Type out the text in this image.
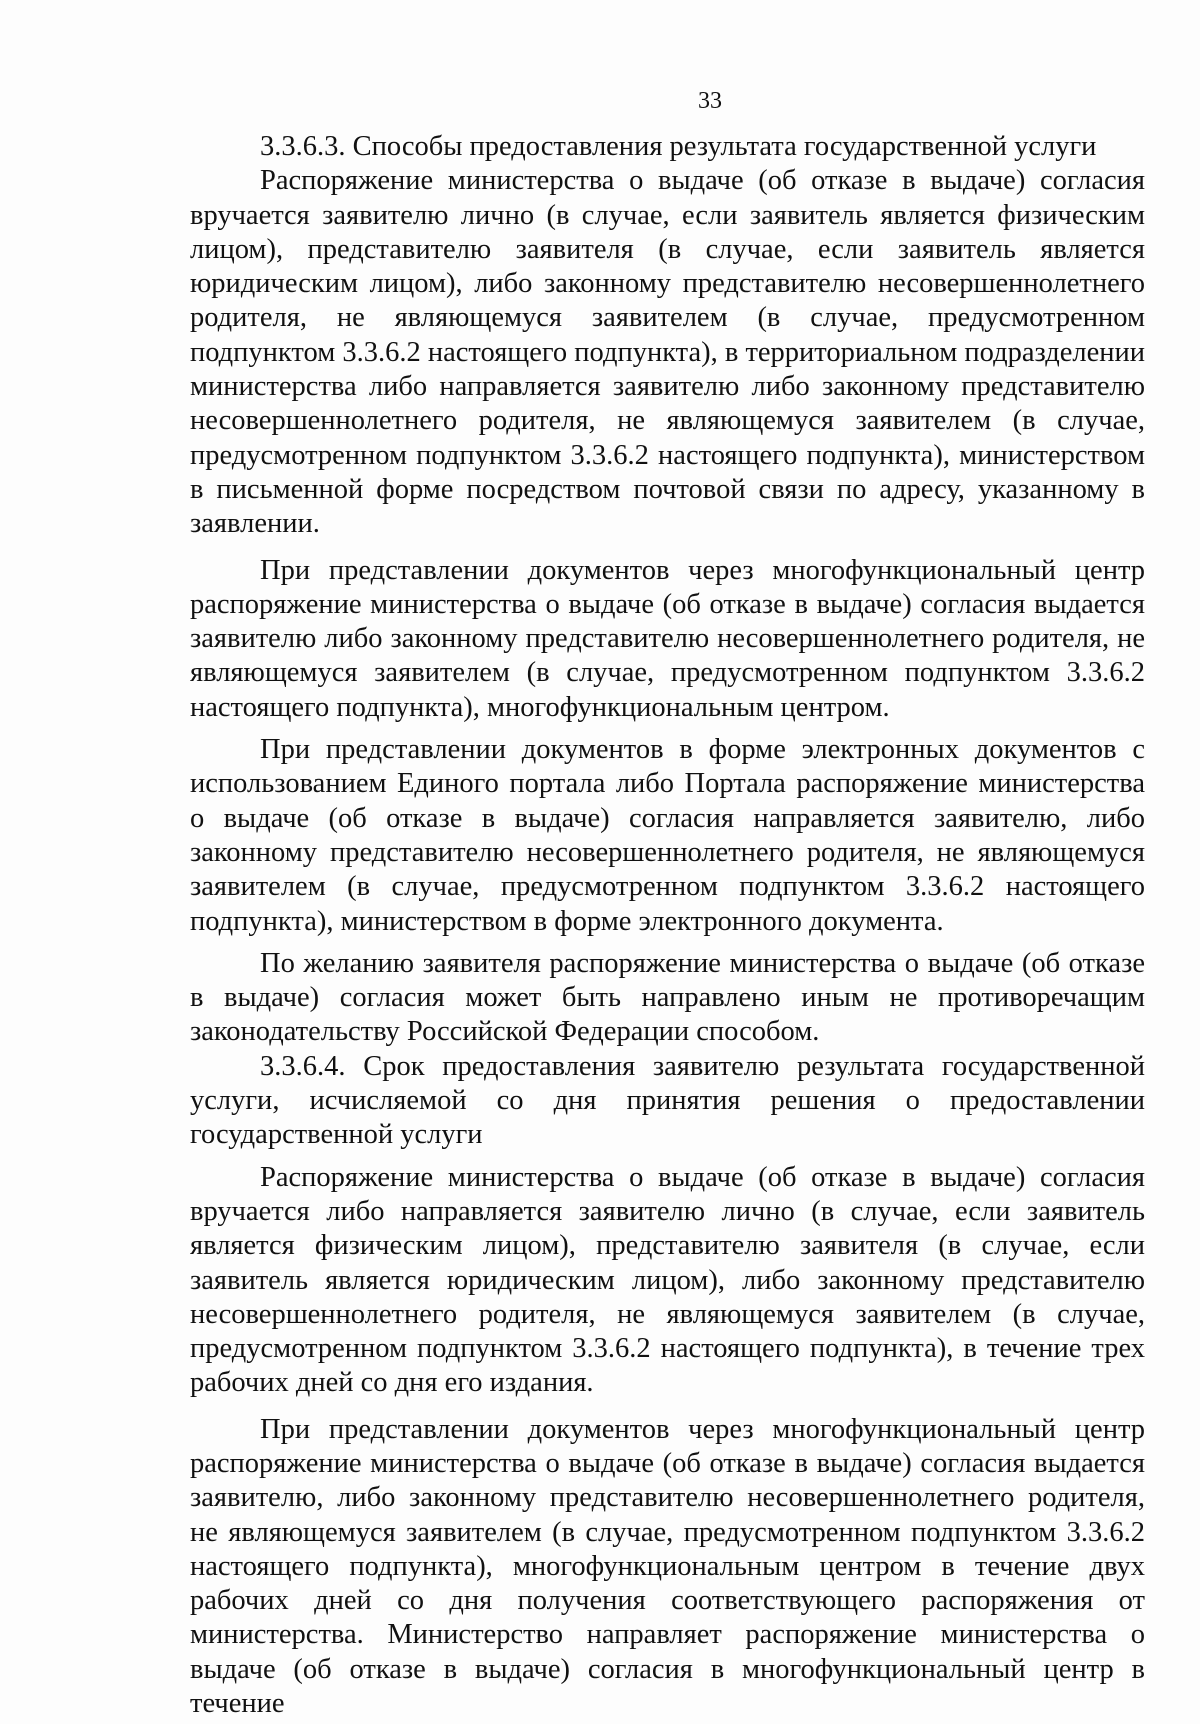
33

3.3.6.3. Способы предоставления результата государственной услуги

Распоряжение министерства о выдаче (об отказе в выдаче) согласия вручается заявителю лично (в случае, если заявитель является физическим лицом), представителю заявителя (в случае, если заявитель является юридическим лицом), либо законному представителю несовершеннолетнего родителя, не являющемуся заявителем (в случае, предусмотренном подпунктом 3.3.6.2 настоящего подпункта), в территориальном подразделении министерства либо направляется заявителю либо законному представителю несовершеннолетнего родителя, не являющемуся заявителем (в случае, предусмотренном подпунктом 3.3.6.2 настоящего подпункта), министерством в письменной форме посредством почтовой связи по адресу, указанному в заявлении.

При представлении документов через многофункциональный центр распоряжение министерства о выдаче (об отказе в выдаче) согласия выдается заявителю либо законному представителю несовершеннолетнего родителя, не являющемуся заявителем (в случае, предусмотренном подпунктом 3.3.6.2 настоящего подпункта), многофункциональным центром.

При представлении документов в форме электронных документов с использованием Единого портала либо Портала распоряжение министерства о выдаче (об отказе в выдаче) согласия направляется заявителю, либо законному представителю несовершеннолетнего родителя, не являющемуся заявителем (в случае, предусмотренном подпунктом 3.3.6.2 настоящего подпункта), министерством в форме электронного документа.

По желанию заявителя распоряжение министерства о выдаче (об отказе в выдаче) согласия может быть направлено иным не противоречащим законодательству Российской Федерации способом.

3.3.6.4. Срок предоставления заявителю результата государственной услуги, исчисляемой со дня принятия решения о предоставлении государственной услуги

Распоряжение министерства о выдаче (об отказе в выдаче) согласия вручается либо направляется заявителю лично (в случае, если заявитель является физическим лицом), представителю заявителя (в случае, если заявитель является юридическим лицом), либо законному представителю несовершеннолетнего родителя, не являющемуся заявителем (в случае, предусмотренном подпунктом 3.3.6.2 настоящего подпункта), в течение трех рабочих дней со дня его издания.

При представлении документов через многофункциональный центр распоряжение министерства о выдаче (об отказе в выдаче) согласия выдается заявителю, либо законному представителю несовершеннолетнего родителя, не являющемуся заявителем (в случае, предусмотренном подпунктом 3.3.6.2 настоящего подпункта), многофункциональным центром в течение двух рабочих дней со дня получения соответствующего распоряжения от министерства. Министерство направляет распоряжение министерства о выдаче (об отказе в выдаче) согласия в многофункциональный центр в течение
